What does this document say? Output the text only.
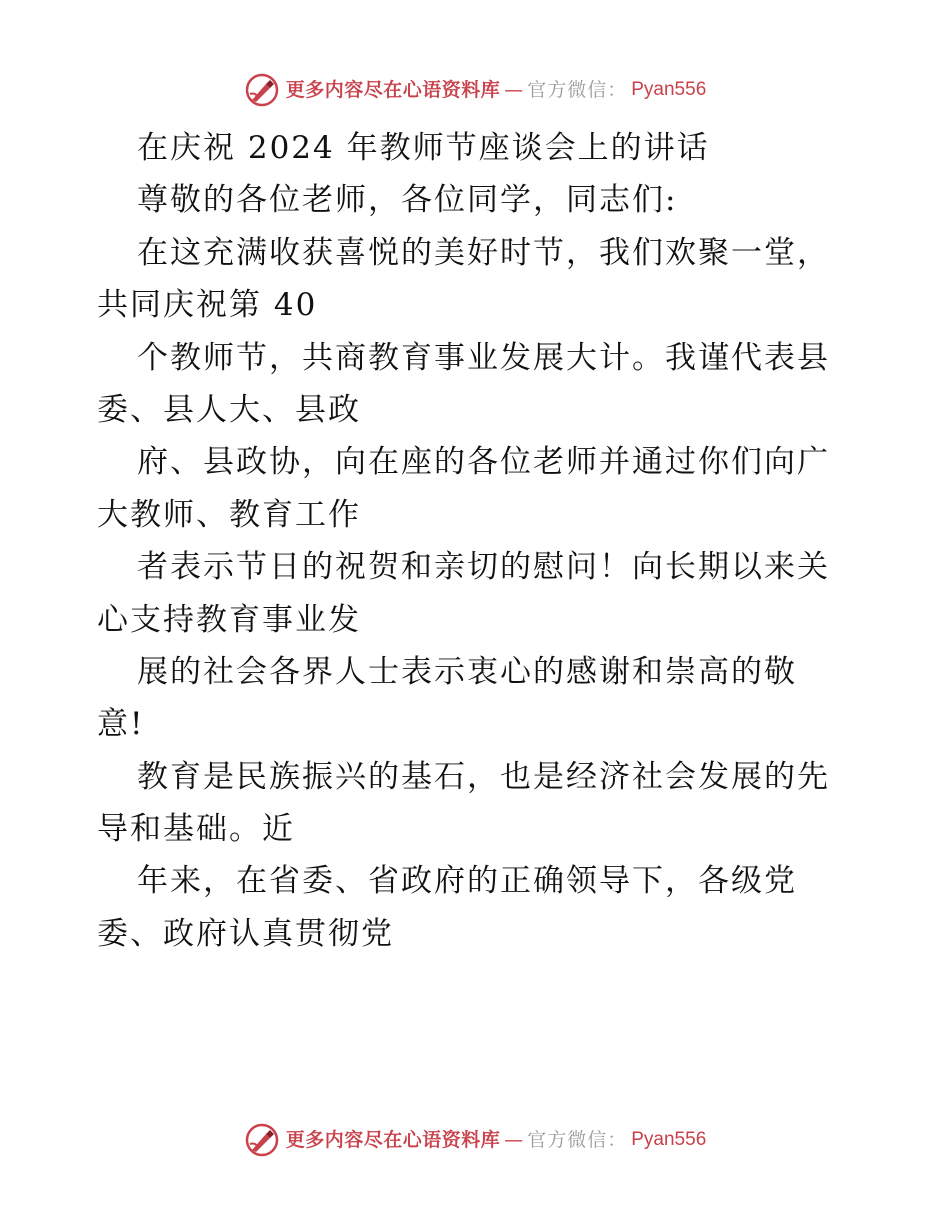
更多内容尽在心语资料库 — 官方微信： Pyan556
在庆祝 2024 年教师节座谈会上的讲话
尊敬的各位老师，各位同学，同志们:
在这充满收获喜悦的美好时节，我们欢聚一堂，
共同庆祝第 40
个教师节，共商教育事业发展大计。我谨代表县
委、县人大、县政
府、县政协，向在座的各位老师并通过你们向广
大教师、教育工作
者表示节日的祝贺和亲切的慰问！向长期以来关
心支持教育事业发
展的社会各界人士表示衷心的感谢和崇高的敬
意!
教育是民族振兴的基石，也是经济社会发展的先
导和基础。近
年来，在省委、省政府的正确领导下，各级党
委、政府认真贯彻党
更多内容尽在心语资料库 — 官方微信： Pyan556
